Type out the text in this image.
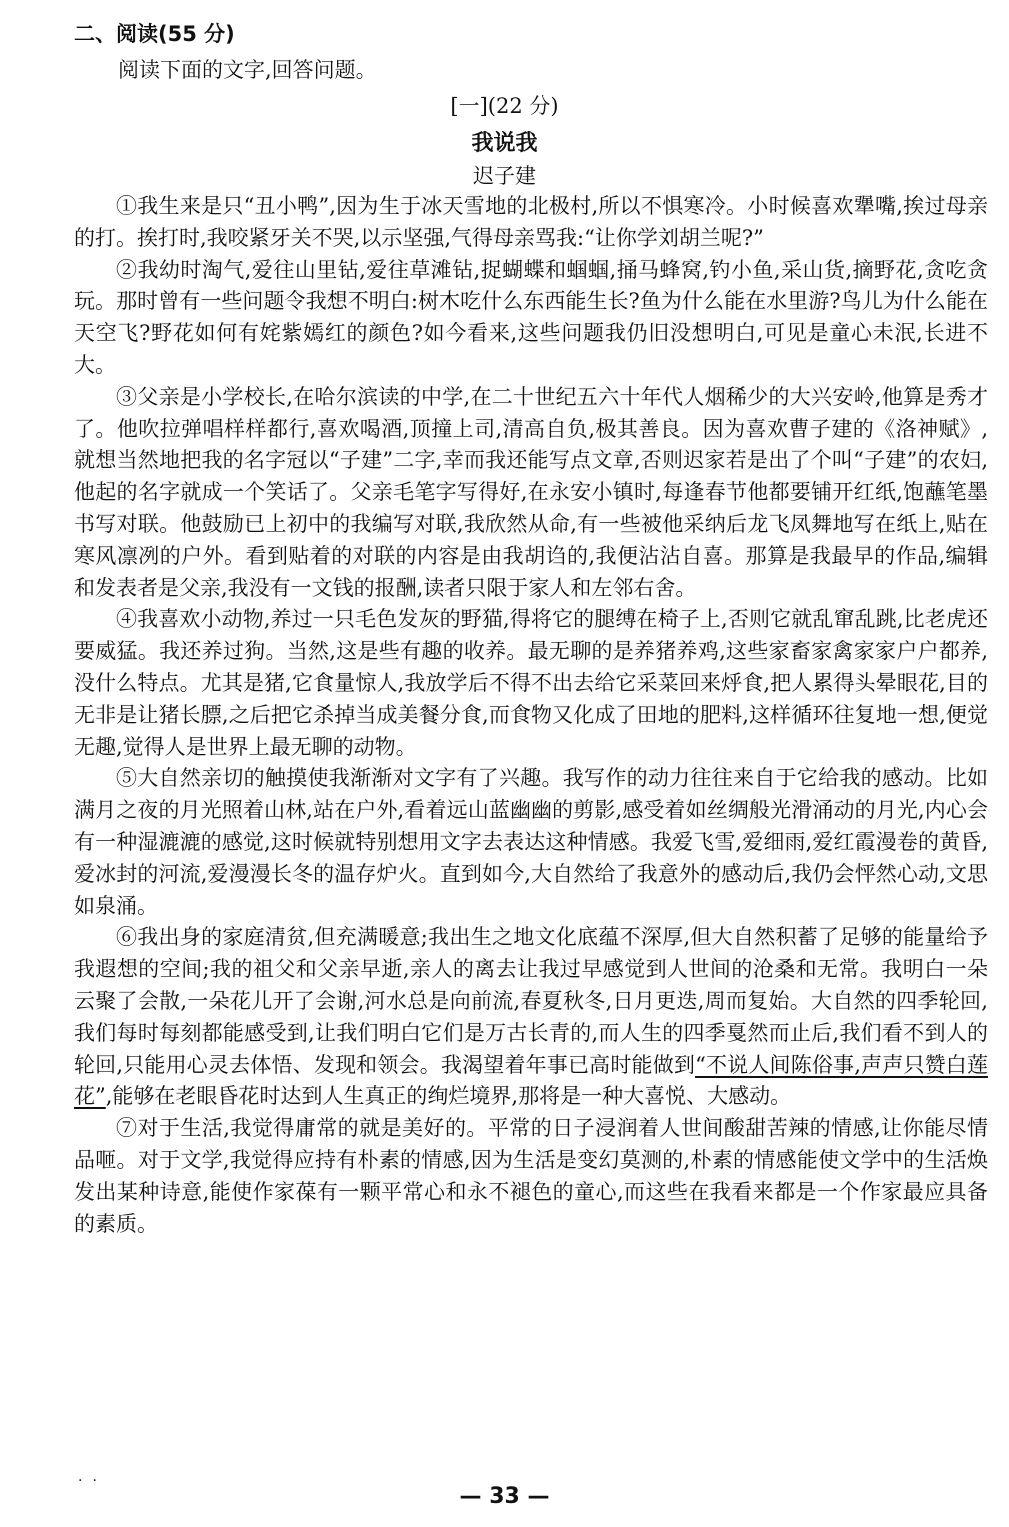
二、阅读(55 分)

阅读下面的文字,回答问题。

[一](22 分)

我说我

迟子建

①我生来是只“丑小鸭”,因为生于冰天雪地的北极村,所以不惧寒冷。小时候喜欢犟嘴,挨过母亲的打。挨打时,我咬紧牙关不哭,以示坚强,气得母亲骂我:“让你学刘胡兰呢?”

②我幼时淘气,爱往山里钻,爱往草滩钻,捉蝴蝶和蝈蝈,捅马蜂窝,钓小鱼,采山货,摘野花,贪吃贪玩。那时曾有一些问题令我想不明白:树木吃什么东西能生长?鱼为什么能在水里游?鸟儿为什么能在天空飞?野花如何有姹紫嫣红的颜色?如今看来,这些问题我仍旧没想明白,可见是童心未泯,长进不大。

③父亲是小学校长,在哈尔滨读的中学,在二十世纪五六十年代人烟稀少的大兴安岭,他算是秀才了。他吹拉弹唱样样都行,喜欢喝酒,顶撞上司,清高自负,极其善良。因为喜欢曹子建的《洛神赋》,就想当然地把我的名字冠以“子建”二字,幸而我还能写点文章,否则迟家若是出了个叫“子建”的农妇,他起的名字就成一个笑话了。父亲毛笔字写得好,在永安小镇时,每逢春节他都要铺开红纸,饱蘸笔墨书写对联。他鼓励已上初中的我编写对联,我欣然从命,有一些被他采纳后龙飞凤舞地写在纸上,贴在寒风凛冽的户外。看到贴着的对联的内容是由我胡诌的,我便沾沾自喜。那算是我最早的作品,编辑和发表者是父亲,我没有一文钱的报酬,读者只限于家人和左邻右舍。

④我喜欢小动物,养过一只毛色发灰的野猫,得将它的腿缚在椅子上,否则它就乱窜乱跳,比老虎还要威猛。我还养过狗。当然,这是些有趣的收养。最无聊的是养猪养鸡,这些家畜家禽家家户户都养,没什么特点。尤其是猪,它食量惊人,我放学后不得不出去给它采菜回来烀食,把人累得头晕眼花,目的无非是让猪长膘,之后把它杀掉当成美餐分食,而食物又化成了田地的肥料,这样循环往复地一想,便觉无趣,觉得人是世界上最无聊的动物。

⑤大自然亲切的触摸使我渐渐对文字有了兴趣。我写作的动力往往来自于它给我的感动。比如满月之夜的月光照着山林,站在户外,看着远山蓝幽幽的剪影,感受着如丝绸般光滑涌动的月光,内心会有一种湿漉漉的感觉,这时候就特别想用文字去表达这种情感。我爱飞雪,爱细雨,爱红霞漫卷的黄昏,爱冰封的河流,爱漫漫长冬的温存炉火。直到如今,大自然给了我意外的感动后,我仍会怦然心动,文思如泉涌。

⑥我出身的家庭清贫,但充满暖意;我出生之地文化底蕴不深厚,但大自然积蓄了足够的能量给予我遐想的空间;我的祖父和父亲早逝,亲人的离去让我过早感觉到人世间的沧桑和无常。我明白一朵云聚了会散,一朵花儿开了会谢,河水总是向前流,春夏秋冬,日月更迭,周而复始。大自然的四季轮回,我们每时每刻都能感受到,让我们明白它们是万古长青的,而人生的四季戛然而止后,我们看不到人的轮回,只能用心灵去体悟、发现和领会。我渴望着年事已高时能做到“不说人间陈俗事,声声只赞白莲花”,能够在老眼昏花时达到人生真正的绚烂境界,那将是一种大喜悦、大感动。

⑦对于生活,我觉得庸常的就是美好的。平常的日子浸润着人世间酸甜苦辣的情感,让你能尽情品咂。对于文学,我觉得应持有朴素的情感,因为生活是变幻莫测的,朴素的情感能使文学中的生活焕发出某种诗意,能使作家葆有一颗平常心和永不褪色的童心,而这些在我看来都是一个作家最应具备的素质。

··

— 33 —
